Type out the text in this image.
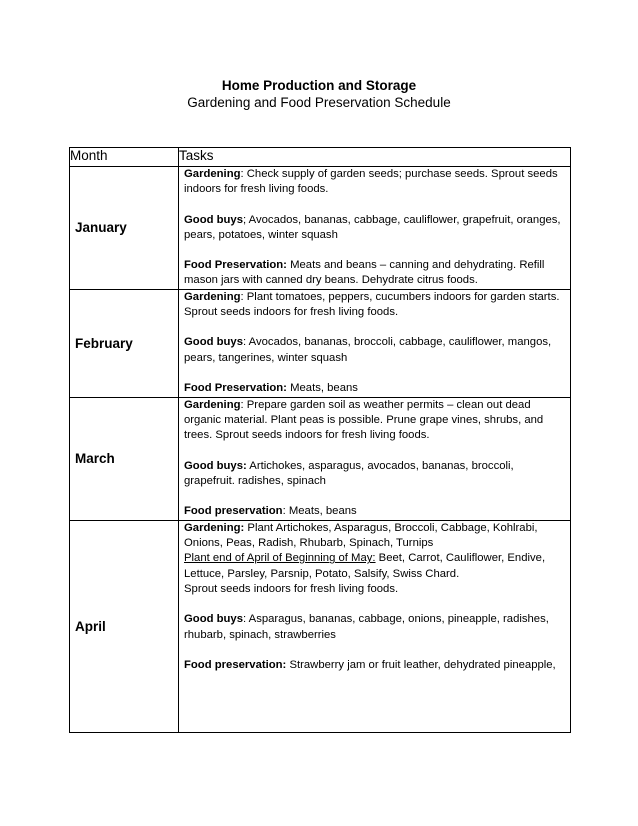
Home Production and Storage
Gardening and Food Preservation Schedule
Month	Tasks
January	Gardening: Check supply of garden seeds; purchase seeds. Sprout seeds indoors for fresh living foods.
Good buys; Avocados, bananas, cabbage, cauliflower, grapefruit, oranges, pears, potatoes, winter squash
Food Preservation: Meats and beans – canning and dehydrating. Refill mason jars with canned dry beans. Dehydrate citrus foods.

February	Gardening: Plant tomatoes, peppers, cucumbers indoors for garden starts. Sprout seeds indoors for fresh living foods.
Good buys: Avocados, bananas, broccoli, cabbage, cauliflower, mangos, pears, tangerines, winter squash
Food Preservation: Meats, beans

March	Gardening: Prepare garden soil as weather permits – clean out dead organic material. Plant peas is possible. Prune grape vines, shrubs, and trees. Sprout seeds indoors for fresh living foods.
Good buys: Artichokes, asparagus, avocados, bananas, broccoli, grapefruit. radishes, spinach
Food preservation: Meats, beans

April	Gardening: Plant Artichokes, Asparagus, Broccoli, Cabbage, Kohlrabi, Onions, Peas, Radish, Rhubarb, Spinach, Turnips
Plant end of April of Beginning of May: Beet, Carrot, Cauliflower, Endive, Lettuce, Parsley, Parsnip, Potato, Salsify, Swiss Chard.
Sprout seeds indoors for fresh living foods.
Good buys: Asparagus, bananas, cabbage, onions, pineapple, radishes, rhubarb, spinach, strawberries
Food preservation: Strawberry jam or fruit leather, dehydrated pineapple,
